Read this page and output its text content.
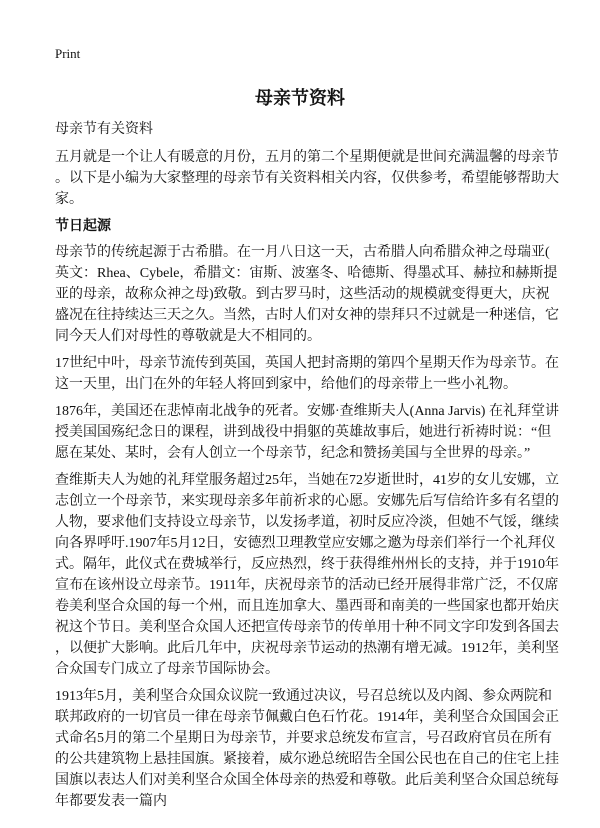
Print
母亲节资料
母亲节有关资料
五月就是一个让人有暖意的月份，五月的第二个星期便就是世间充满温馨的母亲节
。以下是小编为大家整理的母亲节有关资料相关内容，仅供参考，希望能够帮助大
家。
节日起源
母亲节的传统起源于古希腊。在一月八日这一天，古希腊人向希腊众神之母瑞亚(
英文：Rhea、Cybele，希腊文：宙斯、波塞冬、哈德斯、得墨忒耳、赫拉和赫斯提
亚的母亲，故称众神之母)致敬。到古罗马时，这些活动的规模就变得更大，庆祝
盛况在往持续达三天之久。当然，古时人们对女神的崇拜只不过就是一种迷信，它
同今天人们对母性的尊敬就是大不相同的。
17世纪中叶，母亲节流传到英国，英国人把封斋期的第四个星期天作为母亲节。在
这一天里，出门在外的年轻人将回到家中，给他们的母亲带上一些小礼物。
1876年，美国还在悲悼南北战争的死者。安娜·查维斯夫人(Anna Jarvis) 在礼拜堂讲
授美国国殇纪念日的课程，讲到战役中捐躯的英雄故事后，她进行祈祷时说：“但
愿在某处、某时，会有人创立一个母亲节，纪念和赞扬美国与全世界的母亲。”
查维斯夫人为她的礼拜堂服务超过25年，当她在72岁逝世时，41岁的女儿安娜，立
志创立一个母亲节，来实现母亲多年前祈求的心愿。安娜先后写信给许多有名望的
人物，要求他们支持设立母亲节，以发扬孝道，初时反应冷淡，但她不气馁，继续
向各界呼吁.1907年5月12日，安德烈卫理教堂应安娜之邀为母亲们举行一个礼拜仪
式。隔年，此仪式在费城举行，反应热烈，终于获得维州州长的支持，并于1910年
宣布在该州设立母亲节。1911年，庆祝母亲节的活动已经开展得非常广泛，不仅席
卷美利坚合众国的每一个州，而且连加拿大、墨西哥和南美的一些国家也都开始庆
祝这个节日。美利坚合众国人还把宣传母亲节的传单用十种不同文字印发到各国去
，以便扩大影响。此后几年中，庆祝母亲节运动的热潮有增无减。1912年，美利坚
合众国专门成立了母亲节国际协会。
1913年5月，美利坚合众国众议院一致通过决议，号召总统以及内阁、参众两院和
联邦政府的一切官员一律在母亲节佩戴白色石竹花。1914年，美利坚合众国国会正
式命名5月的第二个星期日为母亲节，并要求总统发布宣言，号召政府官员在所有
的公共建筑物上悬挂国旗。紧接着，威尔逊总统昭告全国公民也在自己的住宅上挂
国旗以表达人们对美利坚合众国全体母亲的热爱和尊敬。此后美利坚合众国总统每
年都要发表一篇内
